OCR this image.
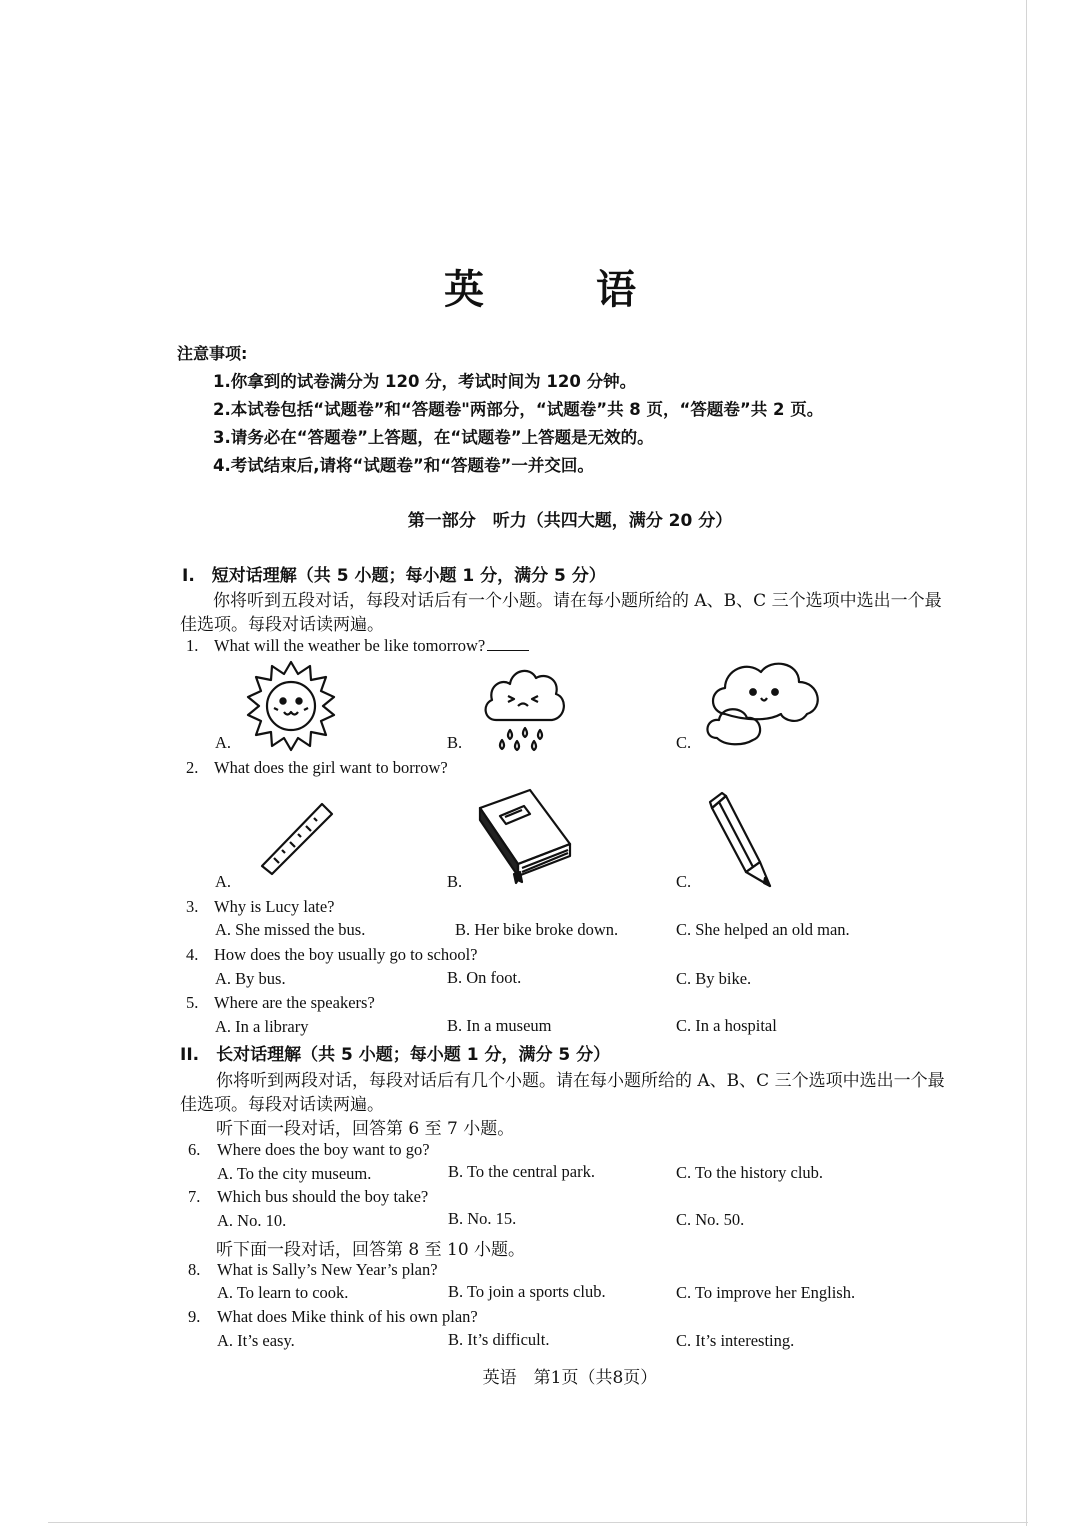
英　语
注意事项:
1.你拿到的试卷满分为 120 分，考试时间为 120 分钟。
2.本试卷包括“试题卷”和“答题卷"两部分，“试题卷”共 8 页，“答题卷”共 2 页。
3.请务必在“答题卷”上答题，在“试题卷”上答题是无效的。
4.考试结束后,请将“试题卷”和“答题卷”一并交回。
第一部分　听力（共四大题，满分 20 分）
I.　短对话理解（共 5 小题；每小题 1 分，满分 5 分）
你将听到五段对话，每段对话后有一个小题。请在每小题所给的 A、B、C 三个选项中选出一个最
佳选项。每段对话读两遍。
1. What will the weather be like tomorrow?
A.	B.	C.
2. What does the girl want to borrow?
A.	B.	C.
3. Why is Lucy late?
A. She missed the bus.	B. Her bike broke down.	C. She helped an old man.
4. How does the boy usually go to school?
A. By bus.	B. On foot.	C. By bike.
5. Where are the speakers?
A. In a library	B. In a museum	C. In a hospital
II.　长对话理解（共 5 小题；每小题 1 分，满分 5 分）
你将听到两段对话，每段对话后有几个小题。请在每小题所给的 A、B、C 三个选项中选出一个最
佳选项。每段对话读两遍。
听下面一段对话，回答第 6 至 7 小题。
6. Where does the boy want to go?
A. To the city museum.	B. To the central park.	C. To the history club.
7. Which bus should the boy take?
A. No. 10.	B. No. 15.	C. No. 50.
听下面一段对话，回答第 8 至 10 小题。
8. What is Sally’s New Year’s plan?
A. To learn to cook.	B. To join a sports club.	C. To improve her English.
9. What does Mike think of his own plan?
A. It’s easy.	B. It’s difficult.	C. It’s interesting.
英语　第1页（共8页）
